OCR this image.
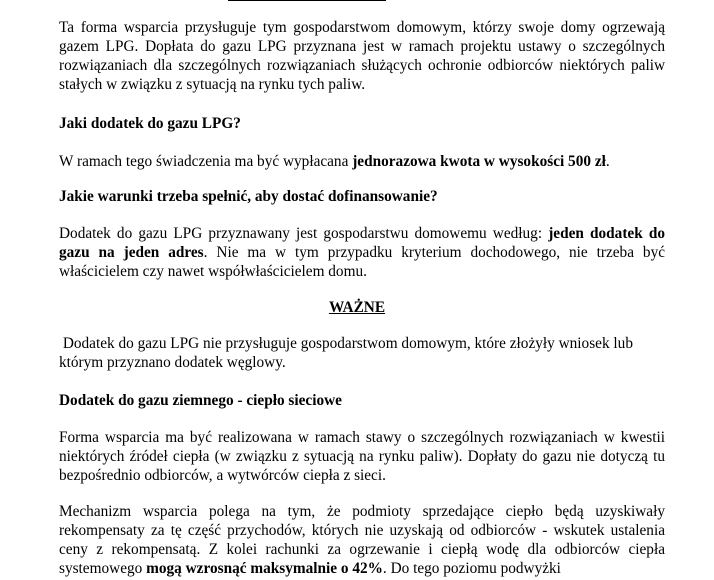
Ta forma wsparcia przysługuje tym gospodarstwom domowym, którzy swoje domy ogrzewają gazem LPG. Dopłata do gazu LPG przyznana jest w ramach projektu ustawy o szczególnych rozwiązaniach dla szczególnych rozwiązaniach służących ochronie odbiorców niektórych paliw stałych w związku z sytuacją na rynku tych paliw.

Jaki dodatek do gazu LPG?

W ramach tego świadczenia ma być wypłacana jednorazowa kwota w wysokości 500 zł.

Jakie warunki trzeba spełnić, aby dostać dofinansowanie?

Dodatek do gazu LPG przyznawany jest gospodarstwu domowemu według: jeden dodatek do gazu na jeden adres. Nie ma w tym przypadku kryterium dochodowego, nie trzeba być właścicielem czy nawet współwłaścicielem domu.

WAŻNE

Dodatek do gazu LPG nie przysługuje gospodarstwom domowym, które złożyły wniosek lub którym przyznano dodatek węglowy.

Dodatek do gazu ziemnego - ciepło sieciowe

Forma wsparcia ma być realizowana w ramach stawy o szczególnych rozwiązaniach w kwestii niektórych źródeł ciepła (w związku z sytuacją na rynku paliw). Dopłaty do gazu nie dotyczą tu bezpośrednio odbiorców, a wytwórców ciepła z sieci.

Mechanizm wsparcia polega na tym, że podmioty sprzedające ciepło będą uzyskiwały rekompensaty za tę część przychodów, których nie uzyskają od odbiorców - wskutek ustalenia ceny z rekompensatą. Z kolei rachunki za ogrzewanie i ciepłą wodę dla odbiorców ciepła systemowego mogą wzrosnąć maksymalnie o 42%. Do tego poziomu podwyżki
